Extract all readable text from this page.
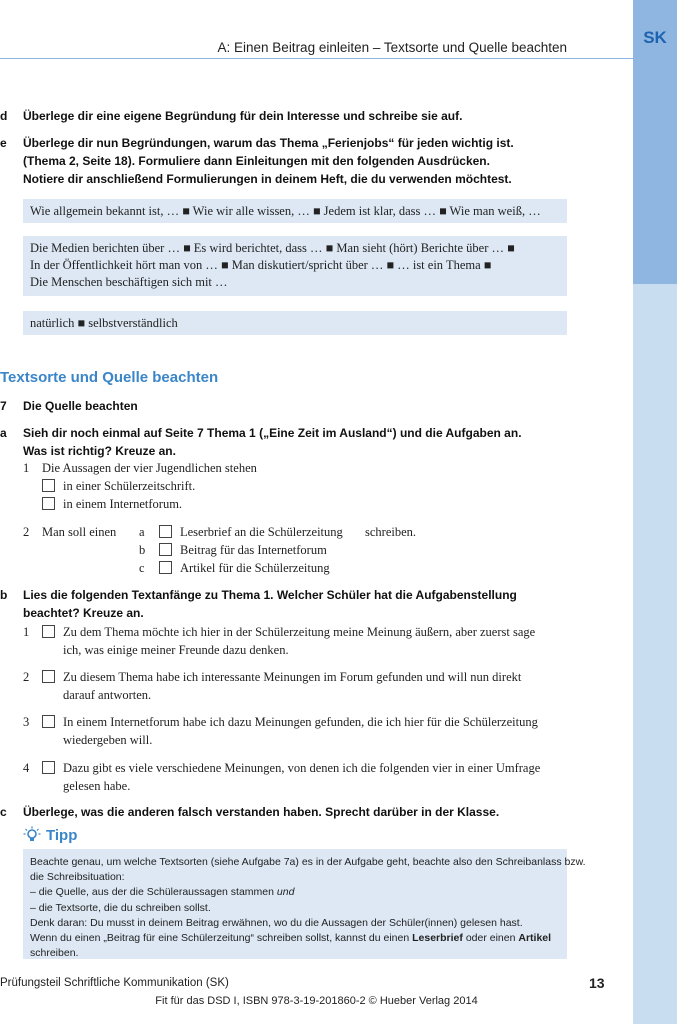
SK
A: Einen Beitrag einleiten – Textsorte und Quelle beachten
d Überlege dir eine eigene Begründung für dein Interesse und schreibe sie auf.
e Überlege dir nun Begründungen, warum das Thema „Ferienjobs“ für jeden wichtig ist.
(Thema 2, Seite 18). Formuliere dann Einleitungen mit den folgenden Ausdrücken.
Notiere dir anschließend Formulierungen in deinem Heft, die du verwenden möchtest.
Wie allgemein bekannt ist, … ■ Wie wir alle wissen, … ■ Jedem ist klar, dass … ■ Wie man weiß, …
Die Medien berichten über … ■ Es wird berichtet, dass … ■ Man sieht (hört) Berichte über … ■
In der Öffentlichkeit hört man von … ■ Man diskutiert/spricht über … ■ … ist ein Thema ■
Die Menschen beschäftigen sich mit …
natürlich ■ selbstverständlich
Textsorte und Quelle beachten
7 Die Quelle beachten
a Sieh dir noch einmal auf Seite 7 Thema 1 („Eine Zeit im Ausland“) und die Aufgaben an.
Was ist richtig? Kreuze an.
1 Die Aussagen der vier Jugendlichen stehen
in einer Schülerzeitschrift.
in einem Internetforum.
2 Man soll einen a	Leserbrief an die Schülerzeitung schreiben.
b	Beitrag für das Internetforum
c	Artikel für die Schülerzeitung
b Lies die folgenden Textanfänge zu Thema 1. Welcher Schüler hat die Aufgabenstellung
beachtet? Kreuze an.
1	Zu dem Thema möchte ich hier in der Schülerzeitung meine Meinung äußern, aber zuerst sage
ich, was einige meiner Freunde dazu denken.
2	Zu diesem Thema habe ich interessante Meinungen im Forum gefunden und will nun direkt
darauf antworten.
3	In einem Internetforum habe ich dazu Meinungen gefunden, die ich hier für die Schülerzeitung
wiedergeben will.
4	Dazu gibt es viele verschiedene Meinungen, von denen ich die folgenden vier in einer Umfrage
gelesen habe.
c Überlege, was die anderen falsch verstanden haben. Sprecht darüber in der Klasse.
Tipp
Beachte genau, um welche Textsorten (siehe Aufgabe 7a) es in der Aufgabe geht, beachte also den Schreibanlass bzw.
die Schreibsituation:
– die Quelle, aus der die Schüleraussagen stammen und
– die Textsorte, die du schreiben sollst.
Denk daran: Du musst in deinem Beitrag erwähnen, wo du die Aussagen der Schüler(innen) gelesen hast.
Wenn du einen „Beitrag für eine Schülerzeitung“ schreiben sollst, kannst du einen Leserbrief oder einen Artikel
schreiben.
Prüfungsteil Schriftliche Kommunikation (SK)	13
Fit für das DSD I, ISBN 978-3-19-201860-2 © Hueber Verlag 2014
